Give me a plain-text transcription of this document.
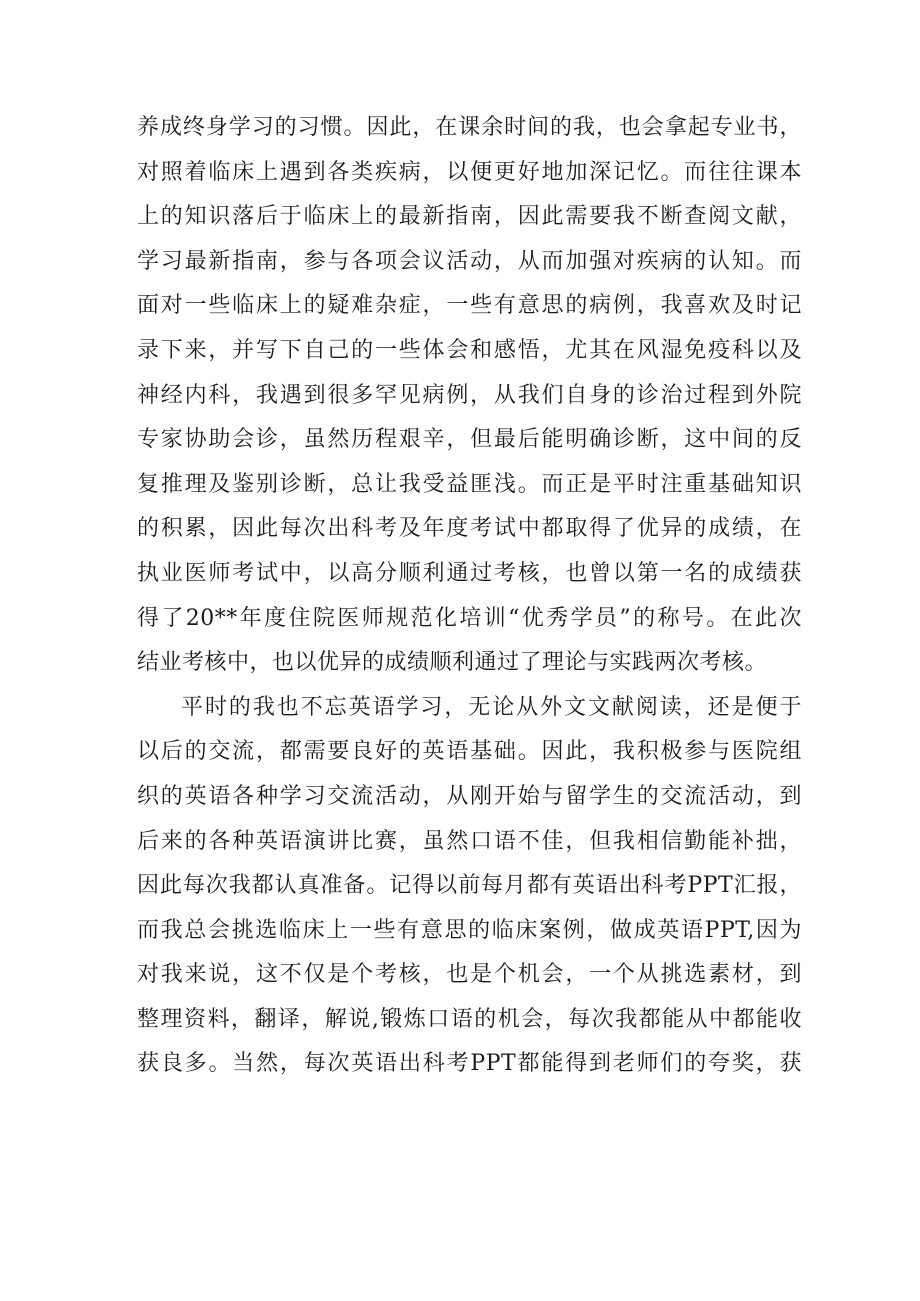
养成终身学习的习惯。因此，在课余时间的我，也会拿起专业书，
对照着临床上遇到各类疾病，以便更好地加深记忆。而往往课本
上的知识落后于临床上的最新指南，因此需要我不断查阅文献，
学习最新指南，参与各项会议活动，从而加强对疾病的认知。而
面对一些临床上的疑难杂症，一些有意思的病例，我喜欢及时记
录下来，并写下自己的一些体会和感悟，尤其在风湿免疫科以及
神经内科，我遇到很多罕见病例，从我们自身的诊治过程到外院
专家协助会诊，虽然历程艰辛，但最后能明确诊断，这中间的反
复推理及鉴别诊断，总让我受益匪浅。而正是平时注重基础知识
的积累，因此每次出科考及年度考试中都取得了优异的成绩，在
执业医师考试中，以高分顺利通过考核，也曾以第一名的成绩获
得了20**年度住院医师规范化培训“优秀学员”的称号。在此次
结业考核中，也以优异的成绩顺利通过了理论与实践两次考核。
平时的我也不忘英语学习，无论从外文文献阅读，还是便于
以后的交流，都需要良好的英语基础。因此，我积极参与医院组
织的英语各种学习交流活动，从刚开始与留学生的交流活动，到
后来的各种英语演讲比赛，虽然口语不佳，但我相信勤能补拙，
因此每次我都认真准备。记得以前每月都有英语出科考PPT汇报，
而我总会挑选临床上一些有意思的临床案例，做成英语PPT,因为
对我来说，这不仅是个考核，也是个机会，一个从挑选素材，到
整理资料，翻译，解说,锻炼口语的机会，每次我都能从中都能收
获良多。当然，每次英语出科考PPT都能得到老师们的夸奖，获
